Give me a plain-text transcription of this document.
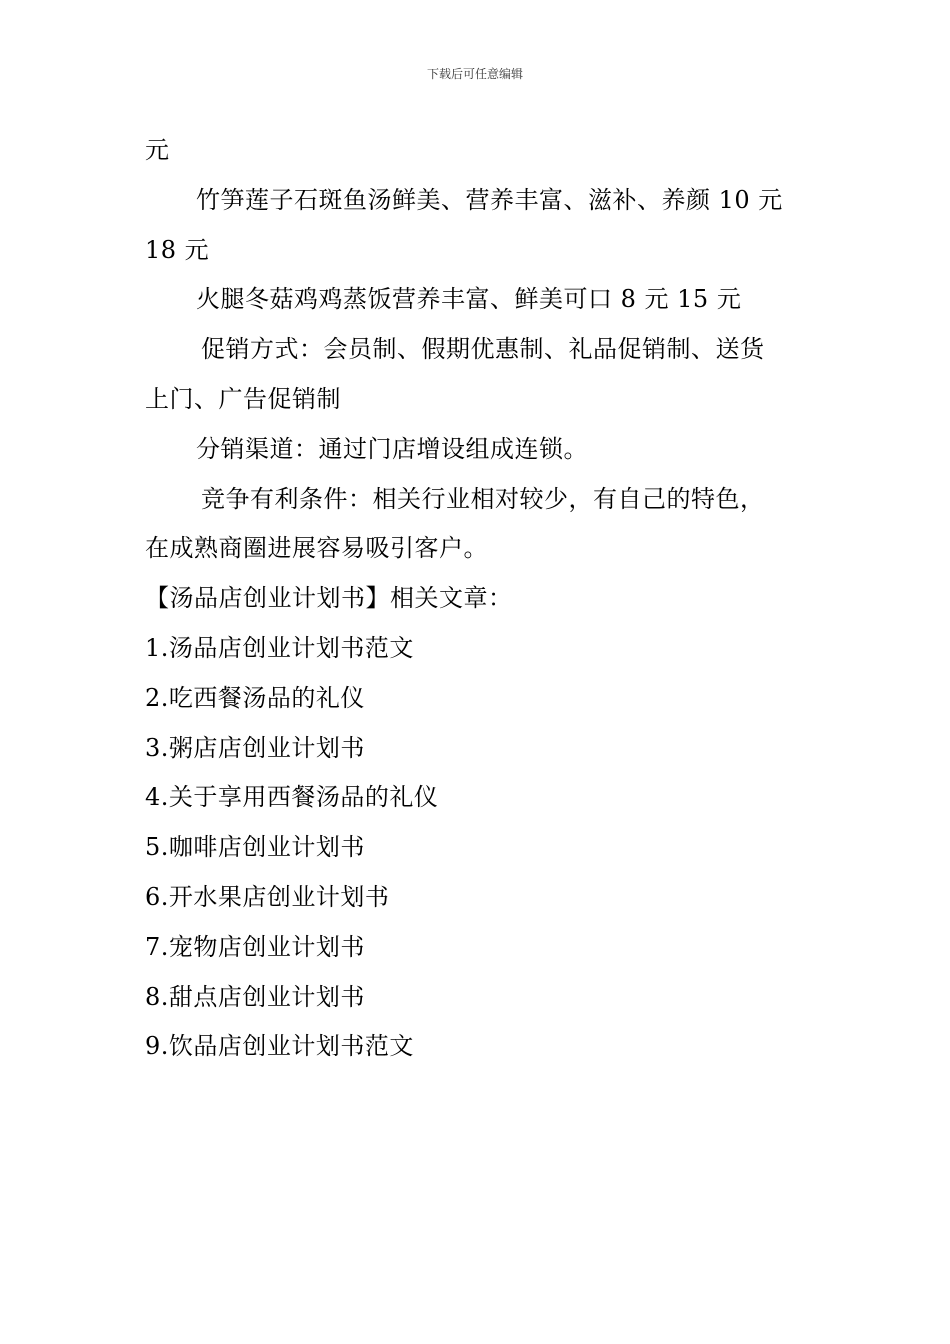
下载后可任意编辑
元
竹笋莲子石斑鱼汤鲜美、营养丰富、滋补、养颜 10 元
18 元
火腿冬菇鸡鸡蒸饭营养丰富、鲜美可口 8 元 15 元
促销方式：会员制、假期优惠制、礼品促销制、送货
上门、广告促销制
分销渠道：通过门店增设组成连锁。
竞争有利条件：相关行业相对较少，有自己的特色，
在成熟商圈进展容易吸引客户。
【汤品店创业计划书】相关文章：
1.汤品店创业计划书范文
2.吃西餐汤品的礼仪
3.粥店店创业计划书
4.关于享用西餐汤品的礼仪
5.咖啡店创业计划书
6.开水果店创业计划书
7.宠物店创业计划书
8.甜点店创业计划书
9.饮品店创业计划书范文
